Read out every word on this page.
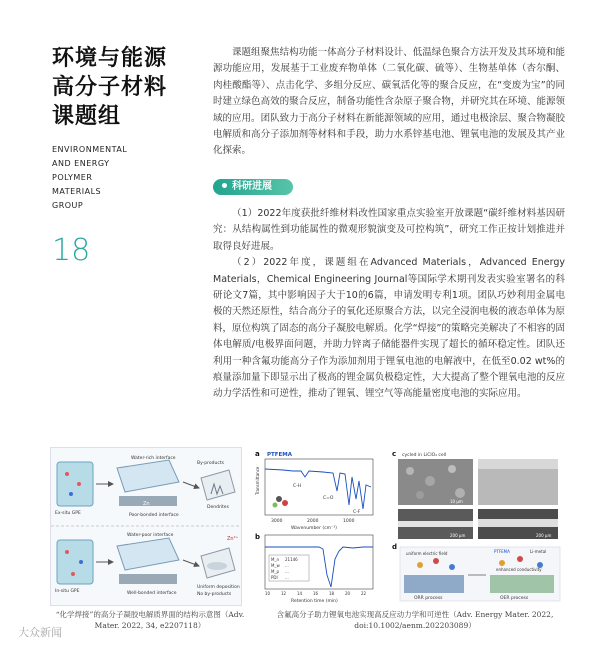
环境与能源
高分子材料
课题组
ENVIRONMENTAL
AND ENERGY
POLYMER
MATERIALS
GROUP
18
课题组聚焦结构功能一体高分子材料设计、低温绿色聚合方法开发及其环境和能源功能应用，发展基于工业废弃物单体（二氧化碳、硫等）、生物基单体（杏尔酮、肉桂酸酯等）、点击化学、多组分反应、碳氧活化等的聚合反应，在“变废为宝”的同时建立绿色高效的聚合反应，制备功能性含杂原子聚合物，并研究其在环境、能源领域的应用。团队致力于高分子材料在新能源领域的应用，通过电极涂层、聚合物凝胶电解质和高分子添加剂等材料和手段，助力水系锌基电池、锂氧电池的发展及其产业化探索。
科研进展

（1）2022年度获批纤维材料改性国家重点实验室开放课题“碳纤维材料基因研究：从结构属性到功能属性的微观形貌演变及可控构筑”，研究工作正按计划推进并取得良好进展。

（2）2022年度，课题组在Advanced Materials，Advanced Energy Materials，Chemical Engineering Journal等国际学术期刊发表实验室署名的科研论文7篇，其中影响因子大于10的6篇，申请发明专利1项。团队巧妙利用金属电极的天然还原性，结合高分子的氧化还原聚合方法，以完全浸润电极的液态单体为原料，原位构筑了固态的高分子凝胶电解质。化学“焊接”的策略完美解决了不相容的固体电解质/电极界面问题，并助力锌离子储能器件实现了超长的循环稳定性。团队还利用一种含氟功能高分子作为添加剂用于锂氧电池的电解液中，在低至0.02 wt%的痕量添加量下即显示出了极高的锂金属负极稳定性，大大提高了整个锂氧电池的反应动力学活性和可逆性，推动了锂氧、锂空气等高能量密度电池的实际应用。

Water-rich interface
Ex-situ GPE	Poor-bonded interface
Dendrites
By-products
In-situ GPE
Water-poor interface
Well-bonded interface
Uniform deposition
No by-products
Zn²⁺
Zn
a PTFEMA
C-H
C=O
C-F
Transmittance
3000	2000	1000
Wavenumber (cm⁻¹)
b
M_n 21146
M_w ...
M_p ...
PDI ...
10	12	14	16	18	20	22
Retention time (min)
c cycled in LiClO₄ cell
10 μm
200 μm	200 μm
d
Li-metal
PTFEMA
uniform electric field
enhanced conductivity
ORR process	OER process
“化学焊接”的高分子凝胶电解质界面的结构示意图（Adv. Mater. 2022, 34, e2207118）
含氟高分子助力锂氧电池实现高反应动力学和可逆性（Adv. Energy Mater. 2022, doi:10.1002/aenm.202203089）
大众新闻
